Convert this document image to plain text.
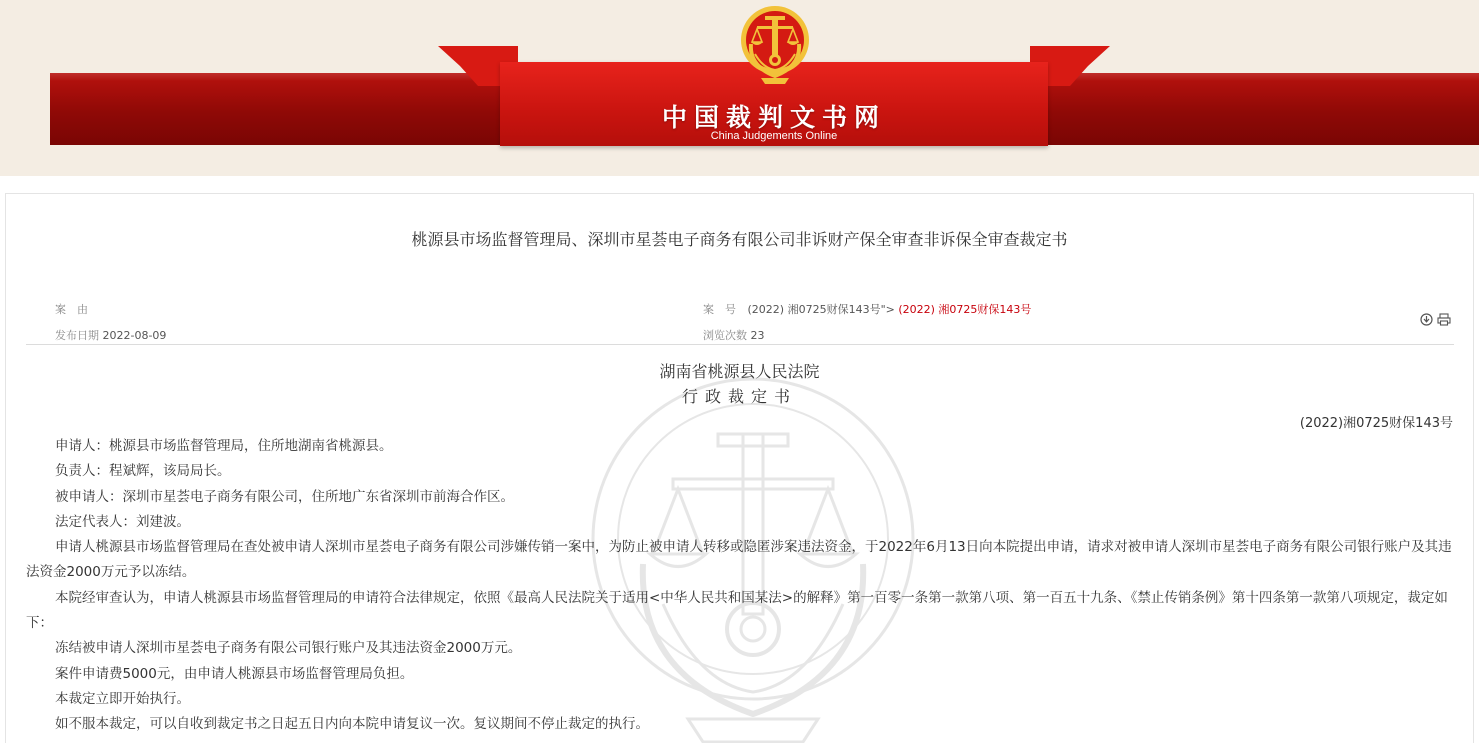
中国裁判文书网
China Judgements Online
桃源县市场监督管理局、深圳市星荟电子商务有限公司非诉财产保全审查非诉保全审查裁定书
案　由
发布日期 2022-08-09
案　号 (2022) 湘0725财保143号"> (2022) 湘0725财保143号
浏览次数 23

湖南省桃源县人民法院
行政裁定书
(2022)湘0725财保143号

申请人：桃源县市场监督管理局，住所地湖南省桃源县。

负责人：程斌辉，该局局长。

被申请人：深圳市星荟电子商务有限公司，住所地广东省深圳市前海合作区。

法定代表人：刘建波。

申请人桃源县市场监督管理局在查处被申请人深圳市星荟电子商务有限公司涉嫌传销一案中，为防止被申请人转移或隐匿涉案违法资金，于2022年6月13日向本院提出申请，请求对被申请人深圳市星荟电子商务有限公司银行账户及其违法资金2000万元予以冻结。

本院经审查认为，申请人桃源县市场监督管理局的申请符合法律规定，依照《最高人民法院关于适用<中华人民共和国某法>的解释》第一百零一条第一款第八项、第一百五十九条、《禁止传销条例》第十四条第一款第八项规定，裁定如下：

冻结被申请人深圳市星荟电子商务有限公司银行账户及其违法资金2000万元。

案件申请费5000元，由申请人桃源县市场监督管理局负担。

本裁定立即开始执行。

如不服本裁定，可以自收到裁定书之日起五日内向本院申请复议一次。复议期间不停止裁定的执行。
